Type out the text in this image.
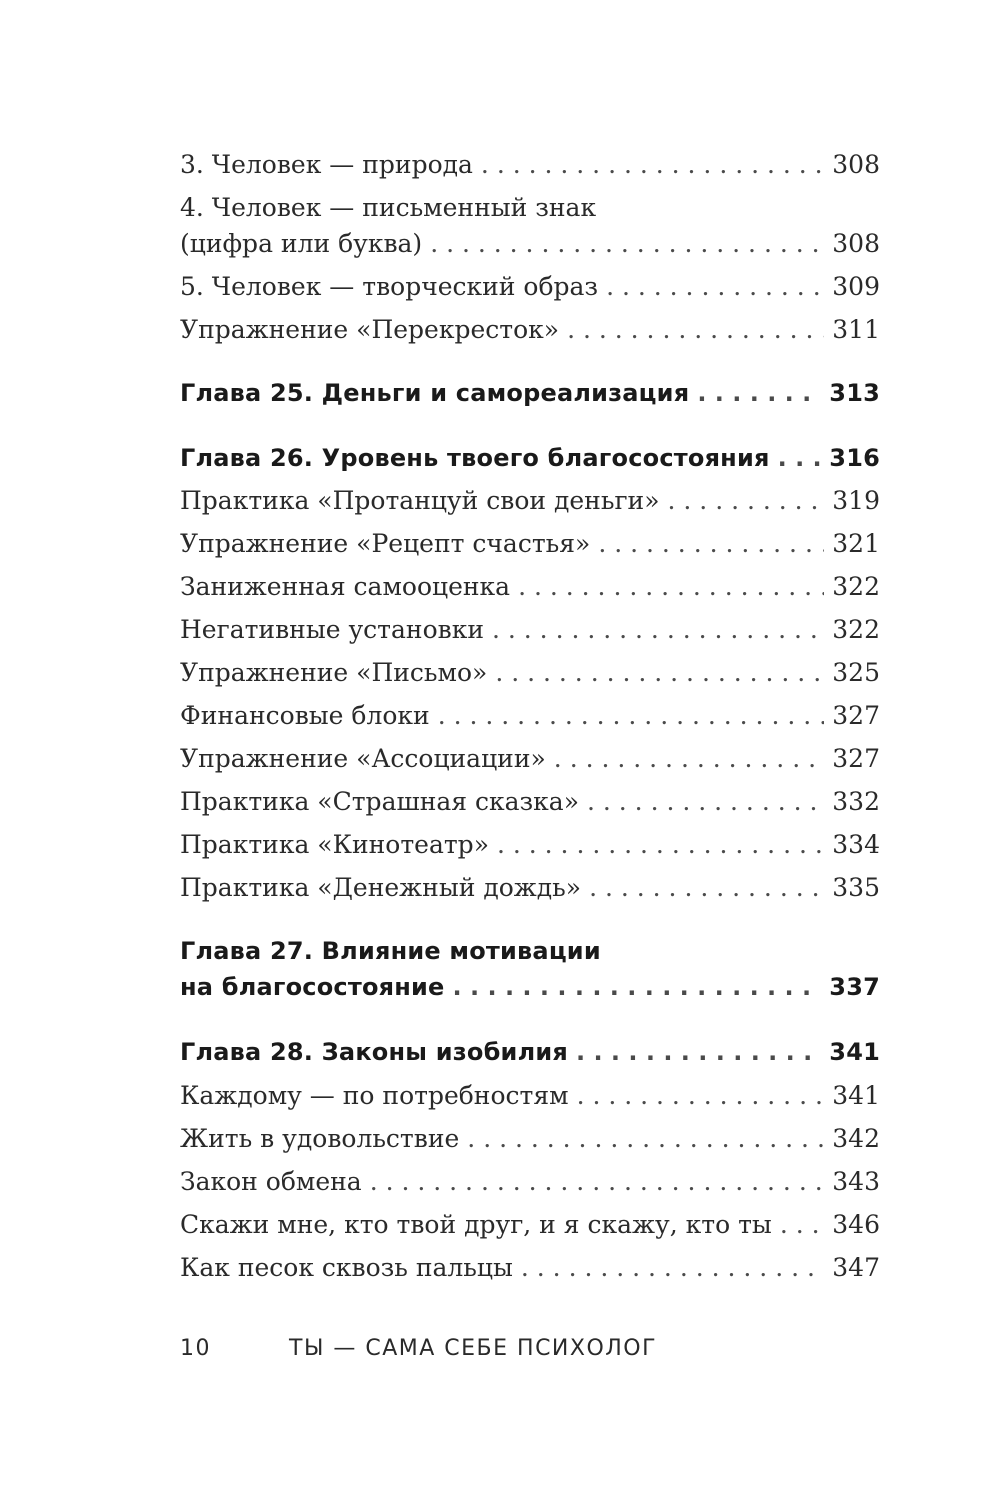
3. Человек — природа . . .	308
4. Человек — письменный знак
(цифра или буква) . . .	308
5. Человек — творческий образ . . .	309
Упражнение «Перекресток» . . .	311
Глава 25. Деньги и самореализация . . .	313
Глава 26. Уровень твоего благосостояния . . . 316
Практика «Протанцуй свои деньги» . . .	319
Упражнение «Рецепт счастья» . . .	321
Заниженная самооценка . . .	322
Негативные установки . . .	322
Упражнение «Письмо» . . .	325
Финансовые блоки . . .	327
Упражнение «Ассоциации» . . .	327
Практика «Страшная сказка» . . .	332
Практика «Кинотеатр» . . .	334
Практика «Денежный дождь» . . .	335
Глава 27. Влияние мотивации
на благосостояние . . .	337
Глава 28. Законы изобилия . . .	341
Каждому — по потребностям . . .	341
Жить в удовольствие . . .	342
Закон обмена . . .	343
Скажи мне, кто твой друг, и я скажу, кто ты . . . 346
Как песок сквозь пальцы . . .	347
10	ТЫ — САМА СЕБЕ ПСИХОЛОГ
